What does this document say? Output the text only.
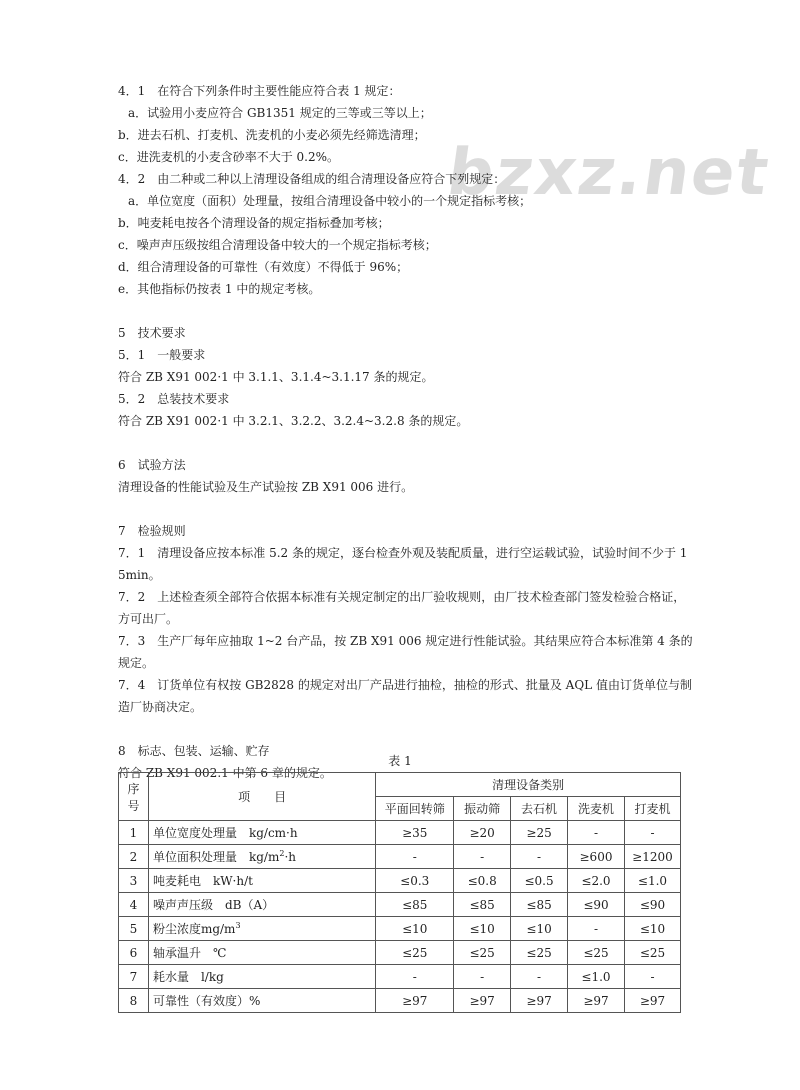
bzxz.net
4．1　在符合下列条件时主要性能应符合表 1 规定：
a．试验用小麦应符合 GB1351 规定的三等或三等以上；
b．进去石机、打麦机、洗麦机的小麦必须先经筛选清理；
c．进洗麦机的小麦含砂率不大于 0.2%。
4．2　由二种或二种以上清理设备组成的组合清理设备应符合下列规定：
a．单位宽度（面积）处理量，按组合清理设备中较小的一个规定指标考核；
b．吨麦耗电按各个清理设备的规定指标叠加考核；
c．噪声声压级按组合清理设备中较大的一个规定指标考核；
d．组合清理设备的可靠性（有效度）不得低于 96%；
e．其他指标仍按表 1 中的规定考核。
5　技术要求
5．1　一般要求
符合 ZB X91 002·1 中 3.1.1、3.1.4~3.1.17 条的规定。
5．2　总装技术要求
符合 ZB X91 002·1 中 3.2.1、3.2.2、3.2.4~3.2.8 条的规定。
6　试验方法
清理设备的性能试验及生产试验按 ZB X91 006 进行。
7　检验规则
7．1　清理设备应按本标准 5.2 条的规定，逐台检查外观及装配质量，进行空运载试验，试验时间不少于 1
5min。
7．2　上述检查须全部符合依据本标准有关规定制定的出厂验收规则，由厂技术检查部门签发检验合格证，
方可出厂。
7．3　生产厂每年应抽取 1~2 台产品，按 ZB X91 006 规定进行性能试验。其结果应符合本标准第 4 条的
规定。
7．4　订货单位有权按 GB2828 的规定对出厂产品进行抽检，抽检的形式、批量及 AQL 值由订货单位与制
造厂协商决定。
8　标志、包装、运输、贮存
符合 ZB X91 002.1 中第 6 章的规定。
表 1
序号	项　　目	清理设备类别				
		平面回转筛	振动筛	去石机	洗麦机	打麦机
1	单位宽度处理量　kg/cm·h	≥35	≥20	≥25	-	-
2	单位面积处理量　$kg/m^2\cdot h$	-	-	-	≥600	≥1200
3	吨麦耗电　kW·h/t	≤0.3	≤0.8	≤0.5	≤2.0	≤1.0
4	噪声声压级　dB（A）	≤85	≤85	≤85	≤90	≤90
5	粉尘浓度$mg/m^3$	≤10	≤10	≤10	-	≤10
6	轴承温升　℃	≤25	≤25	≤25	≤25	≤25
7	耗水量　l/kg	-	-	-	≤1.0	-
8	可靠性（有效度）%	≥97	≥97	≥97	≥97	≥97
